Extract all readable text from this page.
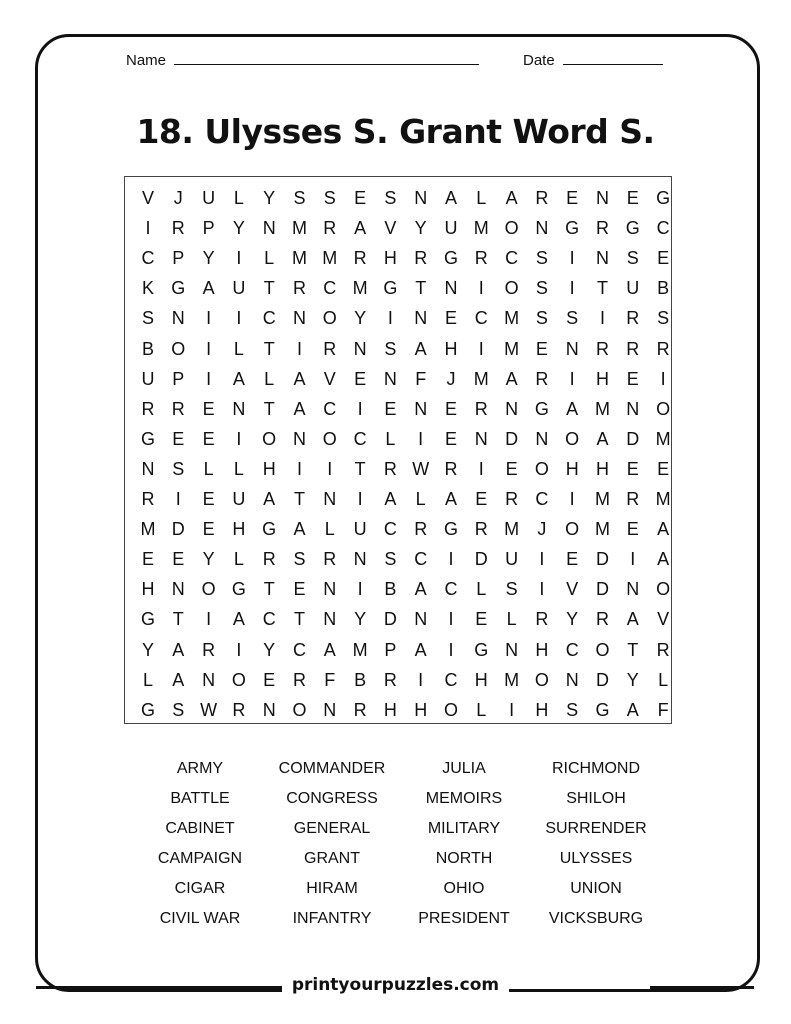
Name	Date
18. Ulysses S. Grant Word S.
V	J	U	L	Y	S	S	E	S N A	L	A R E N E G
I	R P	Y N M R A	V	Y U M O N G R G C
C P	Y	I	L M M R H R G R C S	I	N S	E
K G A U	T	R C M G T	N	I	O S	I	T	U B
S N	I	I	C N O Y	I	N E C M S	S	I	R S
B O	I	L	T	I	R N S	A H	I	M E N R R R
U P	I	A	L	A	V	E N	F	J	M A R	I	H E	I
R R E N	T	A C	I	E N E R N G A M N O
G E	E	I	O N O C	L	I	E N D N O A D M
N S	L	L	H	I	I	T	R W R	I	E O H H E	E
R	I	E U A	T	N	I	A	L	A	E R C	I	M R M
M D E H G A	L	U C R G R M	J	O M E	A
E	E	Y	L	R S R N S C	I	D U	I	E D	I	A
H N O G T	E N	I	B	A C	L	S	I	V D N O
G T	I	A C	T	N Y D N	I	E	L	R Y R A	V
Y	A R	I	Y C A M P	A	I	G N H C O T	R
L	A N O E R	F	B R	I	C H M O N D Y	L
G S W R N O N R H H O	L	I	H S G A	F
ARMY	COMMANDER	JULIA	RICHMOND
BATTLE	CONGRESS	MEMOIRS	SHILOH
CABINET	GENERAL	MILITARY	SURRENDER
CAMPAIGN	GRANT	NORTH	ULYSSES
CIGAR	HIRAM	OHIO	UNION
CIVIL WAR	INFANTRY	PRESIDENT	VICKSBURG
printyourpuzzles.com
